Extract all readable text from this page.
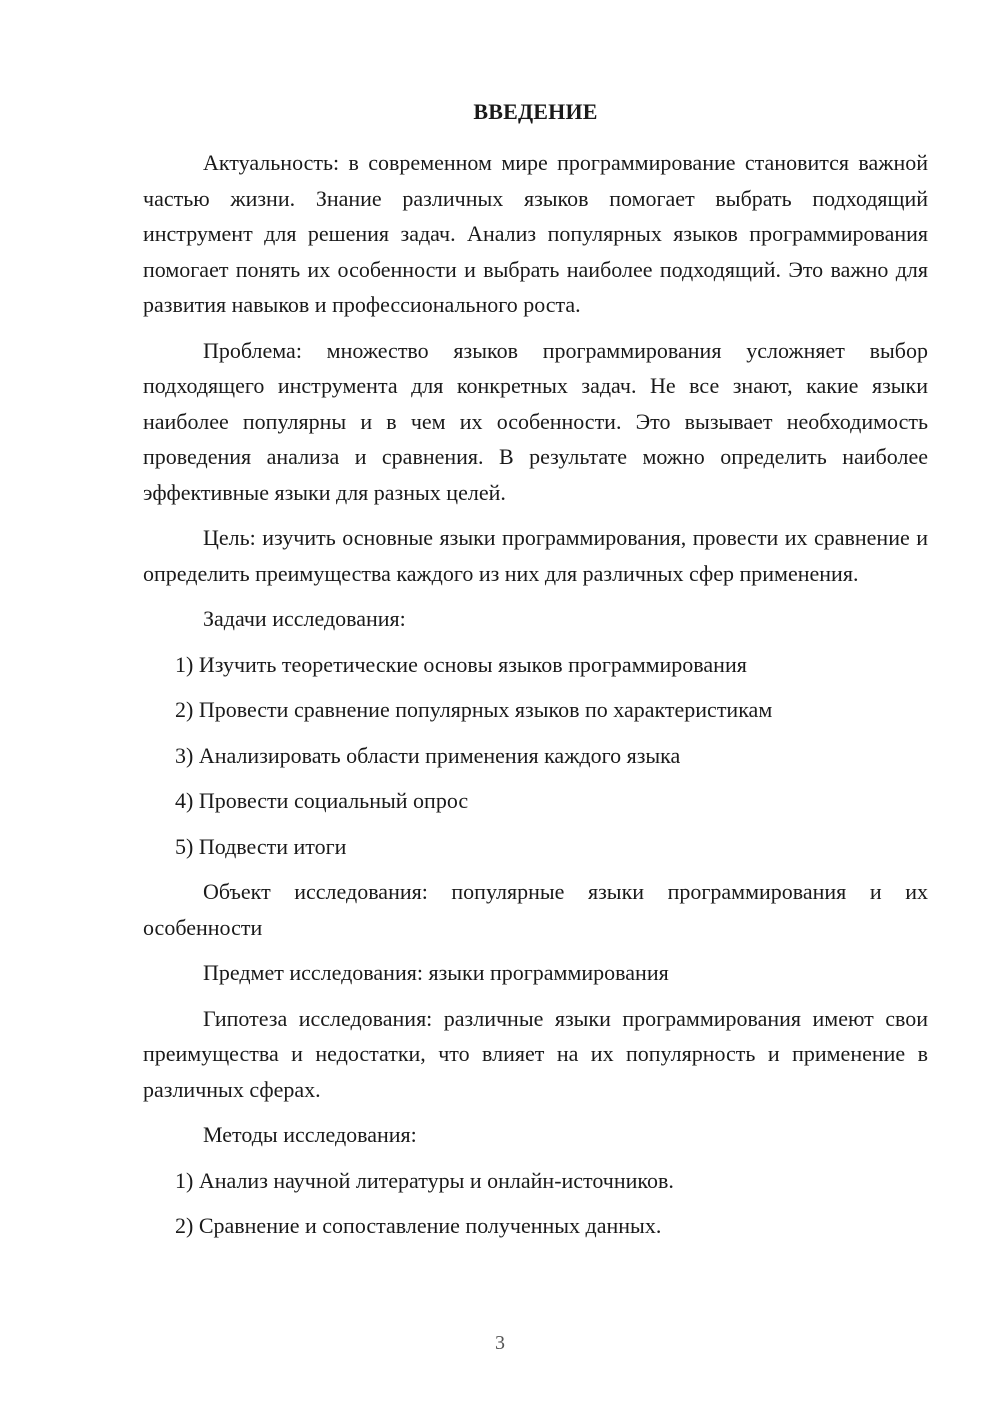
ВВЕДЕНИЕ

Актуальность: в современном мире программирование становится важной частью жизни. Знание различных языков помогает выбрать подходящий инструмент для решения задач. Анализ популярных языков программирования помогает понять их особенности и выбрать наиболее подходящий. Это важно для развития навыков и профессионального роста.

Проблема: множество языков программирования усложняет выбор подходящего инструмента для конкретных задач. Не все знают, какие языки наиболее популярны и в чем их особенности. Это вызывает необходимость проведения анализа и сравнения. В результате можно определить наиболее эффективные языки для разных целей.

Цель: изучить основные языки программирования, провести их сравнение и определить преимущества каждого из них для различных сфер применения.

Задачи исследования:

1) Изучить теоретические основы языков программирования

2) Провести сравнение популярных языков по характеристикам

3) Анализировать области применения каждого языка

4) Провести социальный опрос

5) Подвести итоги

Объект исследования: популярные языки программирования и их особенности

Предмет исследования: языки программирования

Гипотеза исследования: различные языки программирования имеют свои преимущества и недостатки, что влияет на их популярность и применение в различных сферах.

Методы исследования:

1) Анализ научной литературы и онлайн-источников.

2) Сравнение и сопоставление полученных данных.

3
